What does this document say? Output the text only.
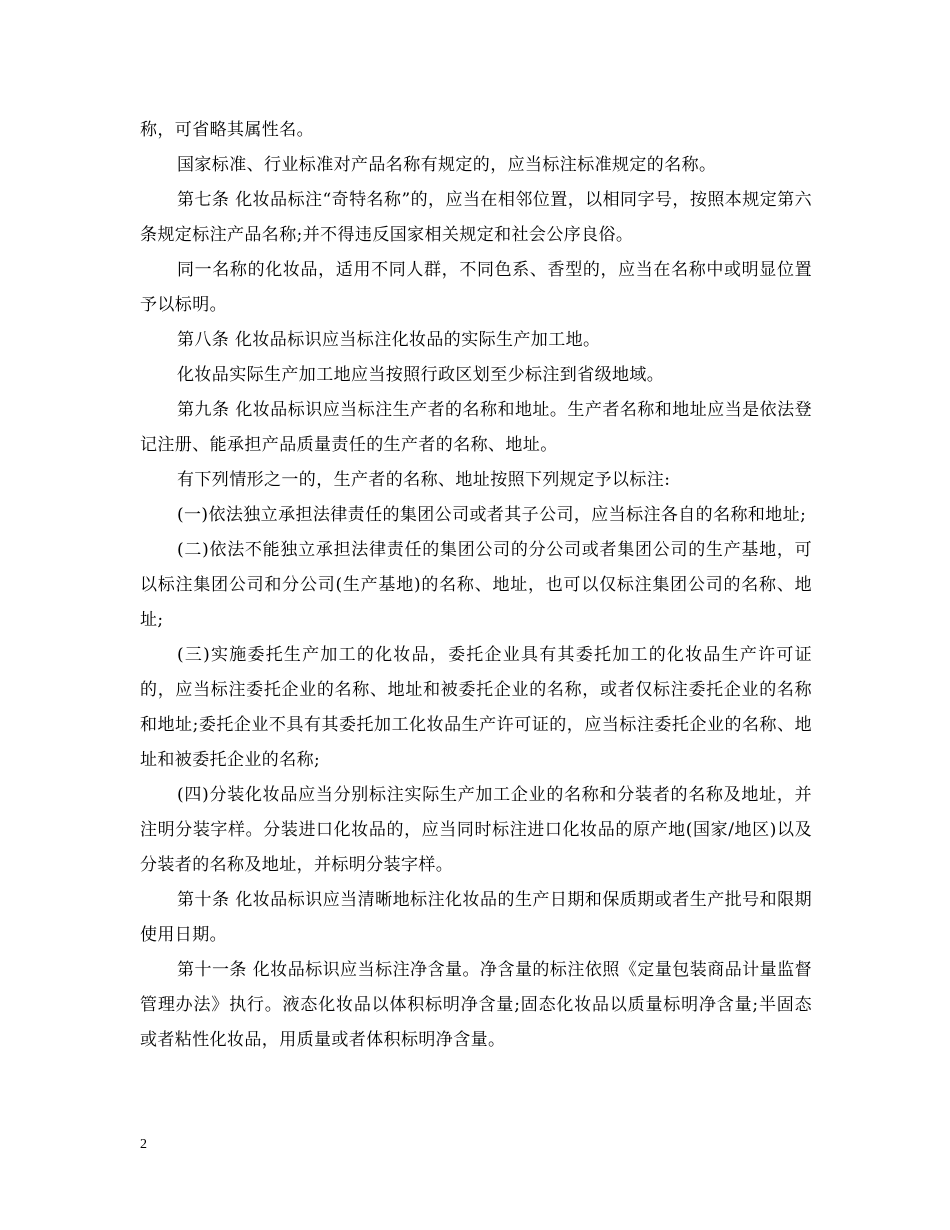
称，可省略其属性名。

国家标准、行业标准对产品名称有规定的，应当标注标准规定的名称。

第七条 化妆品标注“奇特名称”的，应当在相邻位置，以相同字号，按照本规定第六条规定标注产品名称;并不得违反国家相关规定和社会公序良俗。

同一名称的化妆品，适用不同人群，不同色系、香型的，应当在名称中或明显位置予以标明。

第八条 化妆品标识应当标注化妆品的实际生产加工地。

化妆品实际生产加工地应当按照行政区划至少标注到省级地域。

第九条 化妆品标识应当标注生产者的名称和地址。生产者名称和地址应当是依法登记注册、能承担产品质量责任的生产者的名称、地址。

有下列情形之一的，生产者的名称、地址按照下列规定予以标注:

(一)依法独立承担法律责任的集团公司或者其子公司，应当标注各自的名称和地址;

(二)依法不能独立承担法律责任的集团公司的分公司或者集团公司的生产基地，可以标注集团公司和分公司(生产基地)的名称、地址，也可以仅标注集团公司的名称、地址;

(三)实施委托生产加工的化妆品，委托企业具有其委托加工的化妆品生产许可证的，应当标注委托企业的名称、地址和被委托企业的名称，或者仅标注委托企业的名称和地址;委托企业不具有其委托加工化妆品生产许可证的，应当标注委托企业的名称、地址和被委托企业的名称;

(四)分装化妆品应当分别标注实际生产加工企业的名称和分装者的名称及地址，并注明分装字样。分装进口化妆品的，应当同时标注进口化妆品的原产地(国家/地区)以及分装者的名称及地址，并标明分装字样。

第十条 化妆品标识应当清晰地标注化妆品的生产日期和保质期或者生产批号和限期使用日期。

第十一条 化妆品标识应当标注净含量。净含量的标注依照《定量包装商品计量监督管理办法》执行。液态化妆品以体积标明净含量;固态化妆品以质量标明净含量;半固态或者粘性化妆品，用质量或者体积标明净含量。

2
